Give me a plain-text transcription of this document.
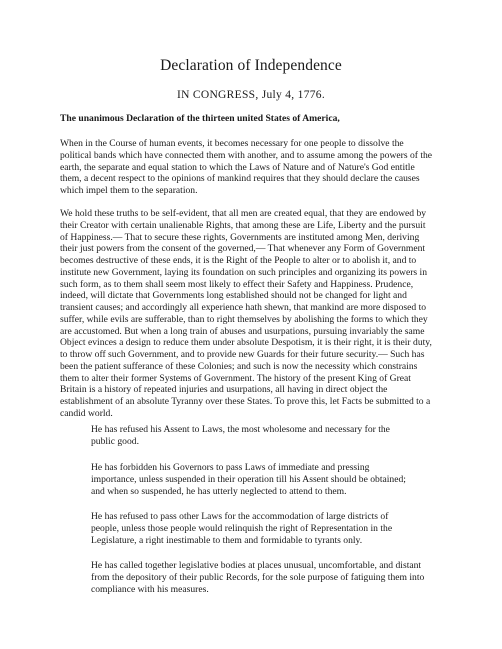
Declaration of Independence
IN CONGRESS, July 4, 1776.
The unanimous Declaration of the thirteen united States of America,
When in the Course of human events, it becomes necessary for one people to dissolve the
political bands which have connected them with another, and to assume among the powers of the
earth, the separate and equal station to which the Laws of Nature and of Nature's God entitle
them, a decent respect to the opinions of mankind requires that they should declare the causes
which impel them to the separation.
We hold these truths to be self-evident, that all men are created equal, that they are endowed by
their Creator with certain unalienable Rights, that among these are Life, Liberty and the pursuit
of Happiness.— That to secure these rights, Governments are instituted among Men, deriving
their just powers from the consent of the governed,— That whenever any Form of Government
becomes destructive of these ends, it is the Right of the People to alter or to abolish it, and to
institute new Government, laying its foundation on such principles and organizing its powers in
such form, as to them shall seem most likely to effect their Safety and Happiness. Prudence,
indeed, will dictate that Governments long established should not be changed for light and
transient causes; and accordingly all experience hath shewn, that mankind are more disposed to
suffer, while evils are sufferable, than to right themselves by abolishing the forms to which they
are accustomed. But when a long train of abuses and usurpations, pursuing invariably the same
Object evinces a design to reduce them under absolute Despotism, it is their right, it is their duty,
to throw off such Government, and to provide new Guards for their future security.— Such has
been the patient sufferance of these Colonies; and such is now the necessity which constrains
them to alter their former Systems of Government. The history of the present King of Great
Britain is a history of repeated injuries and usurpations, all having in direct object the
establishment of an absolute Tyranny over these States. To prove this, let Facts be submitted to a
candid world.
He has refused his Assent to Laws, the most wholesome and necessary for the
public good.
He has forbidden his Governors to pass Laws of immediate and pressing
importance, unless suspended in their operation till his Assent should be obtained;
and when so suspended, he has utterly neglected to attend to them.
He has refused to pass other Laws for the accommodation of large districts of
people, unless those people would relinquish the right of Representation in the
Legislature, a right inestimable to them and formidable to tyrants only.
He has called together legislative bodies at places unusual, uncomfortable, and distant
from the depository of their public Records, for the sole purpose of fatiguing them into
compliance with his measures.
